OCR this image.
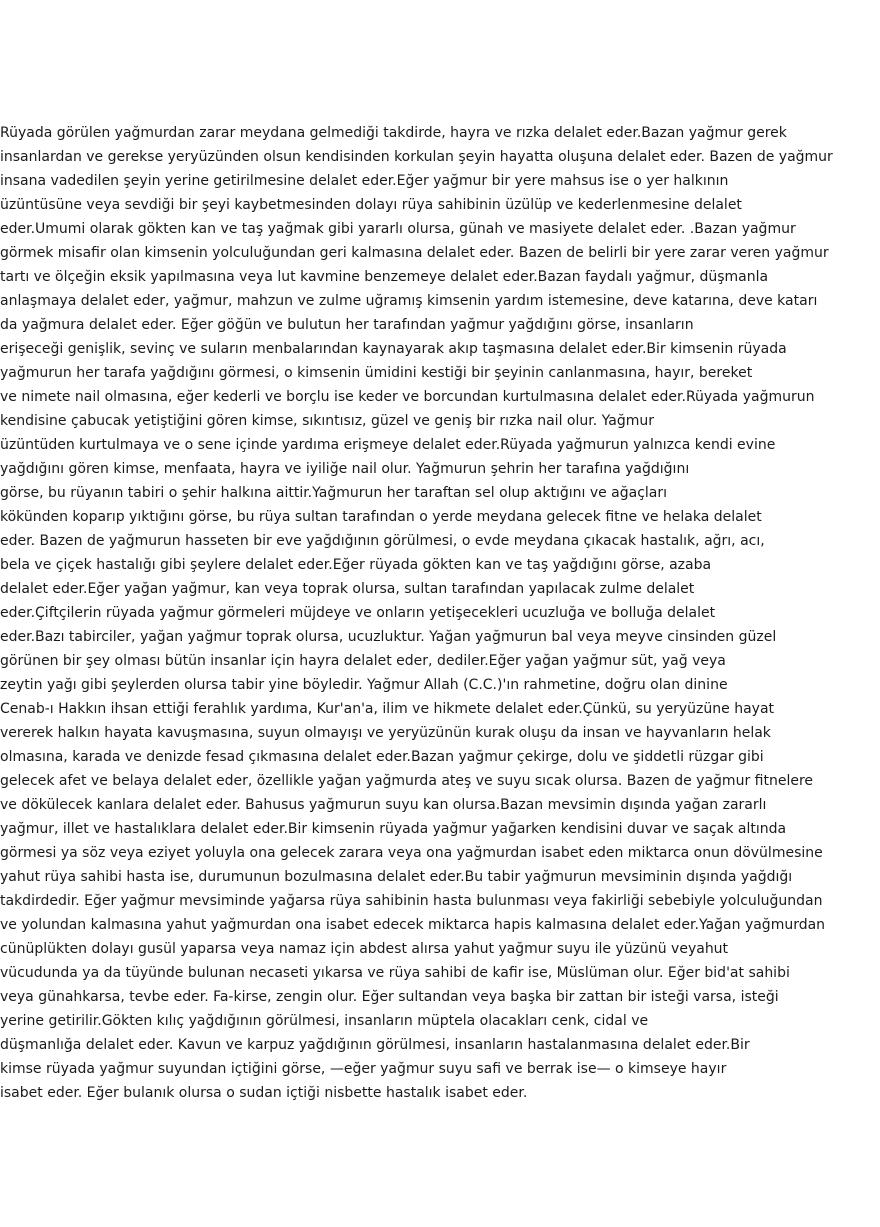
Rüyada görülen yağmurdan zarar meydana gelmediği takdirde, hayra ve rızka delalet eder.Bazan yağmur gerek
insanlardan ve gerekse yeryüzünden olsun kendisinden korkulan şeyin hayatta oluşuna delalet eder. Bazen de yağmur
insana vadedilen şeyin yerine getirilmesine delalet eder.Eğer yağmur bir yere mahsus ise o yer halkının
üzüntüsüne veya sevdiği bir şeyi kaybetmesinden dolayı rüya sahibinin üzülüp ve kederlenmesine delalet
eder.Umumi olarak gökten kan ve taş yağmak gibi yararlı olursa, günah ve masiyete delalet eder. .Bazan yağmur
görmek misafir olan kimsenin yolculuğundan geri kalmasına delalet eder. Bazen de belirli bir yere zarar veren yağmur
tartı ve ölçeğin eksik yapılmasına veya lut kavmine benzemeye delalet eder.Bazan faydalı yağmur, düşmanla
anlaşmaya delalet eder, yağmur, mahzun ve zulme uğramış kimsenin yardım istemesine, deve katarına, deve katarı
da yağmura delalet eder. Eğer göğün ve bulutun her tarafından yağmur yağdığını görse, insanların
erişeceği genişlik, sevinç ve suların menbalarından kaynayarak akıp taşmasına delalet eder.Bir kimsenin rüyada
yağmurun her tarafa yağdığını görmesi, o kimsenin ümidini kestiği bir şeyinin canlanmasına, hayır, bereket
ve nimete nail olmasına, eğer kederli ve borçlu ise keder ve borcundan kurtulmasına delalet eder.Rüyada yağmurun
kendisine çabucak yetiştiğini gören kimse, sıkıntısız, güzel ve geniş bir rızka nail olur. Yağmur
üzüntüden kurtulmaya ve o sene içinde yardıma erişmeye delalet eder.Rüyada yağmurun yalnızca kendi evine
yağdığını gören kimse, menfaata, hayra ve iyiliğe nail olur. Yağmurun şehrin her tarafına yağdığını
görse, bu rüyanın tabiri o şehir halkına aittir.Yağmurun her taraftan sel olup aktığını ve ağaçları
kökünden koparıp yıktığını görse, bu rüya sultan tarafından o yerde meydana gelecek fitne ve helaka delalet
eder. Bazen de yağmurun hasseten bir eve yağdığının görülmesi, o evde meydana çıkacak hastalık, ağrı, acı,
bela ve çiçek hastalığı gibi şeylere delalet eder.Eğer rüyada gökten kan ve taş yağdığını görse, azaba
delalet eder.Eğer yağan yağmur, kan veya toprak olursa, sultan tarafından yapılacak zulme delalet
eder.Çiftçilerin rüyada yağmur görmeleri müjdeye ve onların yetişecekleri ucuzluğa ve bolluğa delalet
eder.Bazı tabirciler, yağan yağmur toprak olursa, ucuzluktur. Yağan yağmurun bal veya meyve cinsinden güzel
görünen bir şey olması bütün insanlar için hayra delalet eder, dediler.Eğer yağan yağmur süt, yağ veya
zeytin yağı gibi şeylerden olursa tabir yine böyledir. Yağmur Allah (C.C.)'ın rahmetine, doğru olan dinine
Cenab-ı Hakkın ihsan ettiği ferahlık yardıma, Kur'an'a, ilim ve hikmete delalet eder.Çünkü, su yeryüzüne hayat
vererek halkın hayata kavuşmasına, suyun olmayışı ve yeryüzünün kurak oluşu da insan ve hayvanların helak
olmasına, karada ve denizde fesad çıkmasına delalet eder.Bazan yağmur çekirge, dolu ve şiddetli rüzgar gibi
gelecek afet ve belaya delalet eder, özellikle yağan yağmurda ateş ve suyu sıcak olursa. Bazen de yağmur fitnelere
ve dökülecek kanlara delalet eder. Bahusus yağmurun suyu kan olursa.Bazan mevsimin dışında yağan zararlı
yağmur, illet ve hastalıklara delalet eder.Bir kimsenin rüyada yağmur yağarken kendisini duvar ve saçak altında
görmesi ya söz veya eziyet yoluyla ona gelecek zarara veya ona yağmurdan isabet eden miktarca onun dövülmesine
yahut rüya sahibi hasta ise, durumunun bozulmasına delalet eder.Bu tabir yağmurun mevsiminin dışında yağdığı
takdirdedir. Eğer yağmur mevsiminde yağarsa rüya sahibinin hasta bulunması veya fakirliği sebebiyle yolculuğundan
ve yolundan kalmasına yahut yağmurdan ona isabet edecek miktarca hapis kalmasına delalet eder.Yağan yağmurdan
cünüplükten dolayı gusül yaparsa veya namaz için abdest alırsa yahut yağmur suyu ile yüzünü veyahut
vücudunda ya da tüyünde bulunan necaseti yıkarsa ve rüya sahibi de kafir ise, Müslüman olur. Eğer bid'at sahibi
veya günahkarsa, tevbe eder. Fa-kirse, zengin olur. Eğer sultandan veya başka bir zattan bir isteği varsa, isteği
yerine getirilir.Gökten kılıç yağdığının görülmesi, insanların müptela olacakları cenk, cidal ve
düşmanlığa delalet eder. Kavun ve karpuz yağdığının görülmesi, insanların hastalanmasına delalet eder.Bir
kimse rüyada yağmur suyundan içtiğini görse, —eğer yağmur suyu safi ve berrak ise— o kimseye hayır
isabet eder. Eğer bulanık olursa o sudan içtiği nisbette hastalık isabet eder.
